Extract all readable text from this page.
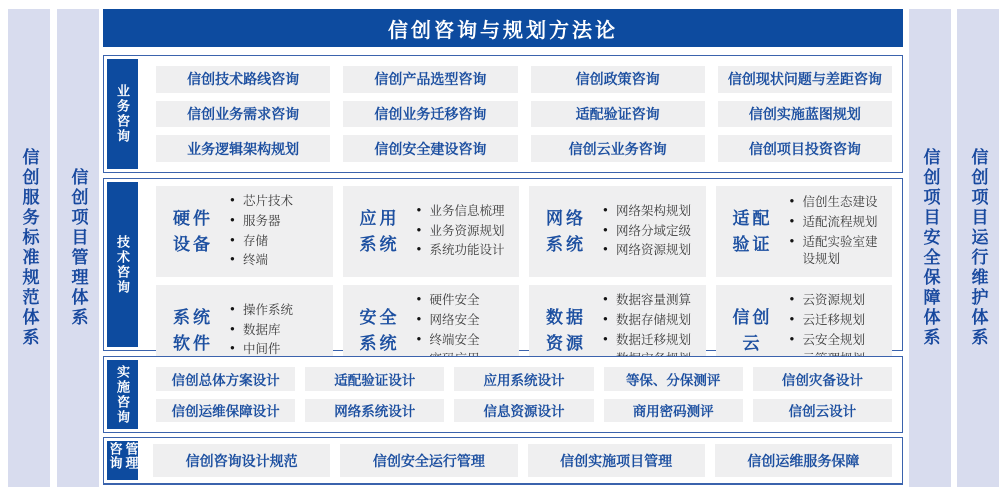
信创服务标准规范体系 信创项目管理体系	信创项目安全保障体系 信创项目运行维护体系
信创咨询与规划方法论
业务咨询
信创技术路线咨询	信创产品选型咨询	信创政策咨询	信创现状问题与差距咨询
信创业务需求咨询	信创业务迁移咨询	适配验证咨询	信创实施蓝图规划
业务逻辑架构规划	信创安全建设咨询	信创云业务咨询	信创项目投资咨询
技术咨询
硬件设备
● 芯片技术
● 服务器
● 存储
● 终端
应用系统
● 业务信息梳理
● 业务资源规划
● 系统功能设计
网络系统
● 网络架构规划
● 网络分域定级
● 网络资源规划
适配验证
● 信创生态建设
● 适配流程规划
● 适配实验室建设规划
系统软件
● 操作系统
● 数据库
● 中间件
安全系统
● 硬件安全
● 网络安全
● 终端安全
●
数据资源
● 数据容量测算
● 数据存储规划
● 数据迁移规划
●
信创云
● 云资源规划
● 云迁移规划
● 云安全规划
●
实施咨询	信创总体方案设计	适配验证设计	应用系统设计	等保、分保测评	信创灾备设计
信创运维保障设计	网络系统设计	信息资源设计	商用密码测评	信创云设计
咨询管理	信创咨询设计规范	信创安全运行管理	信创实施项目管理	信创运维服务保障
